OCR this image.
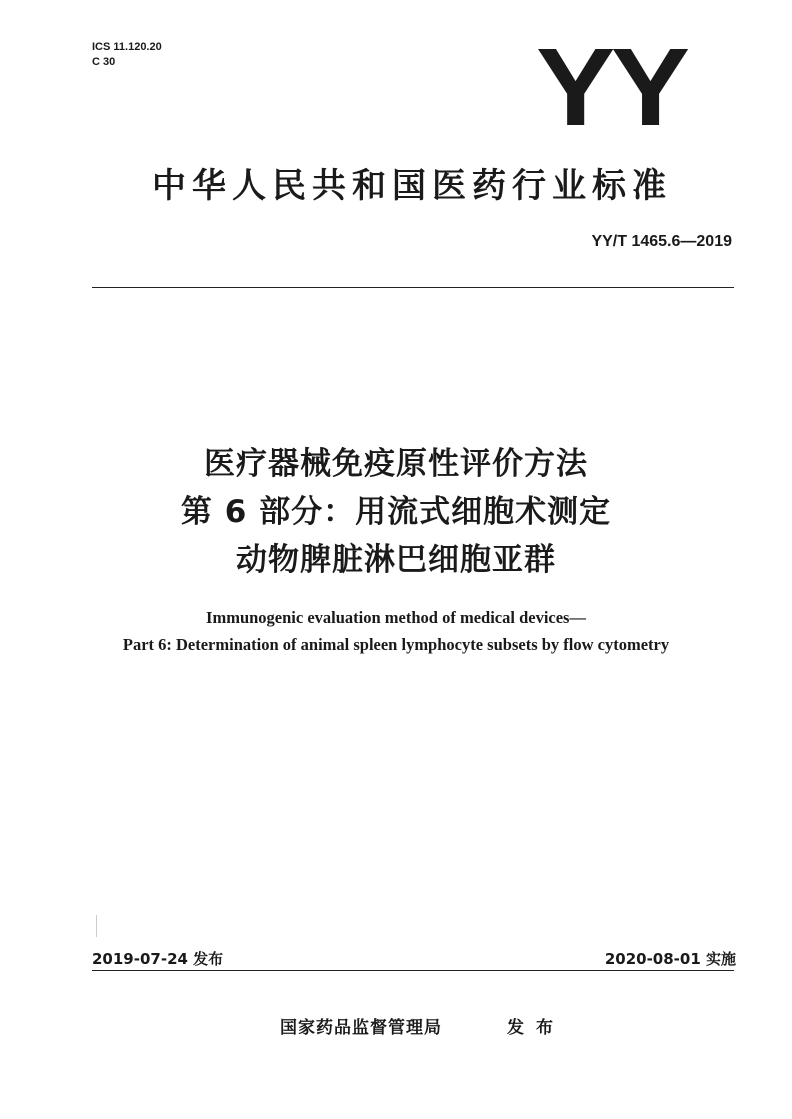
ICS 11.120.20
C 30	YY
中华人民共和国医药行业标准
YY/T 1465.6—2019
医疗器械免疫原性评价方法
第 6 部分：用流式细胞术测定
动物脾脏淋巴细胞亚群
Immunogenic evaluation method of medical devices—
Part 6: Determination of animal spleen lymphocyte subsets by flow cytometry
2019-07-24 发布	2020-08-01 实施
国家药品监督管理局	发布
